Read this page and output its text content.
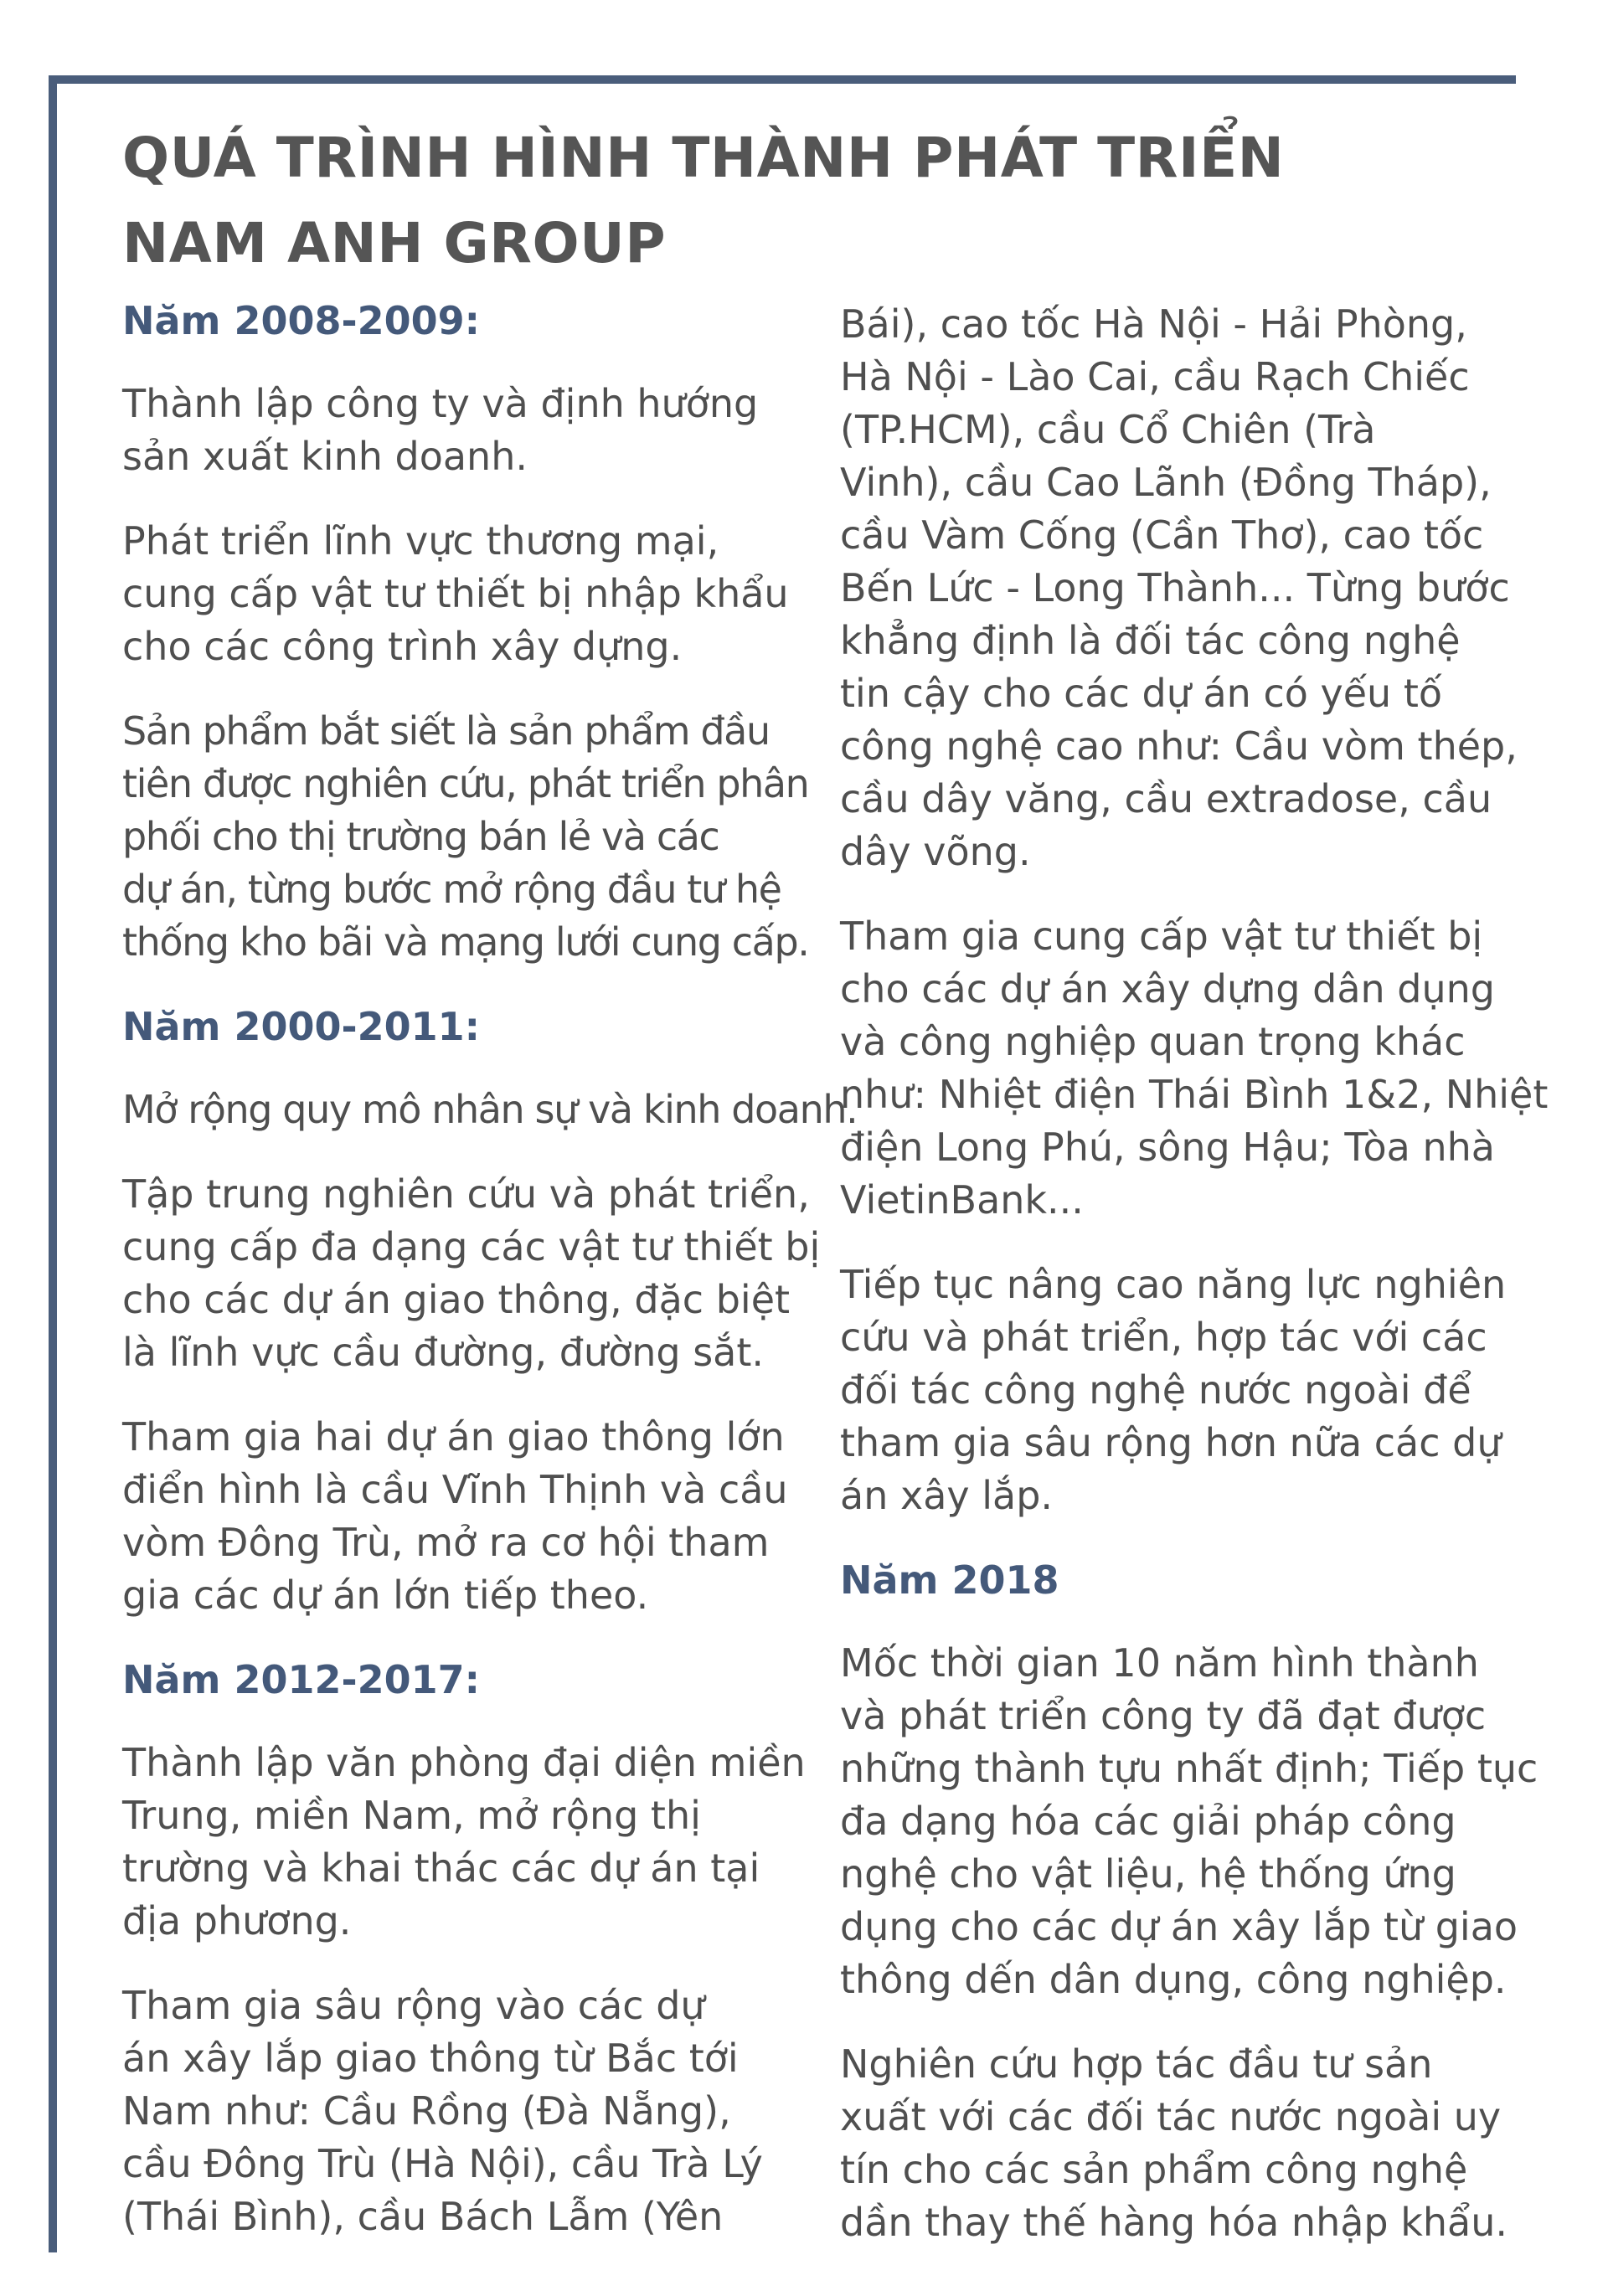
QUÁ TRÌNH HÌNH THÀNH PHÁT TRIỂN
NAM ANH GROUP
Năm 2008-2009:
Thành lập công ty và định hướng
sản xuất kinh doanh.
Phát triển lĩnh vực thương mại,
cung cấp vật tư thiết bị nhập khẩu
cho các công trình xây dựng.
Sản phẩm bắt siết là sản phẩm đầu
tiên được nghiên cứu, phát triển phân
phối cho thị trường bán lẻ và các
dự án, từng bước mở rộng đầu tư hệ
thống kho bãi và mạng lưới cung cấp.
Năm 2000-2011:
Mở rộng quy mô nhân sự và kinh doanh.
Tập trung nghiên cứu và phát triển,
cung cấp đa dạng các vật tư thiết bị
cho các dự án giao thông, đặc biệt
là lĩnh vực cầu đường, đường sắt.
Tham gia hai dự án giao thông lớn
điển hình là cầu Vĩnh Thịnh và cầu
vòm Đông Trù, mở ra cơ hội tham
gia các dự án lớn tiếp theo.
Năm 2012-2017:
Thành lập văn phòng đại diện miền
Trung, miền Nam, mở rộng thị
trường và khai thác các dự án tại
địa phương.
Tham gia sâu rộng vào các dự
án xây lắp giao thông từ Bắc tới
Nam như: Cầu Rồng (Đà Nẵng),
cầu Đông Trù (Hà Nội), cầu Trà Lý
(Thái Bình), cầu Bách Lẫm (Yên
Bái), cao tốc Hà Nội - Hải Phòng,
Hà Nội - Lào Cai, cầu Rạch Chiếc
(TP.HCM), cầu Cổ Chiên (Trà
Vinh), cầu Cao Lãnh (Đồng Tháp),
cầu Vàm Cống (Cần Thơ), cao tốc
Bến Lức - Long Thành... Từng bước
khẳng định là đối tác công nghệ
tin cậy cho các dự án có yếu tố
công nghệ cao như: Cầu vòm thép,
cầu dây văng, cầu extradose, cầu
dây võng.
Tham gia cung cấp vật tư thiết bị
cho các dự án xây dựng dân dụng
và công nghiệp quan trọng khác
như: Nhiệt điện Thái Bình 1&2, Nhiệt
điện Long Phú, sông Hậu; Tòa nhà
VietinBank...
Tiếp tục nâng cao năng lực nghiên
cứu và phát triển, hợp tác với các
đối tác công nghệ nước ngoài để
tham gia sâu rộng hơn nữa các dự
án xây lắp.
Năm 2018
Mốc thời gian 10 năm hình thành
và phát triển công ty đã đạt được
những thành tựu nhất định; Tiếp tục
đa dạng hóa các giải pháp công
nghệ cho vật liệu, hệ thống ứng
dụng cho các dự án xây lắp từ giao
thông dến dân dụng, công nghiệp.
Nghiên cứu hợp tác đầu tư sản
xuất với các đối tác nước ngoài uy
tín cho các sản phẩm công nghệ
dần thay thế hàng hóa nhập khẩu.
